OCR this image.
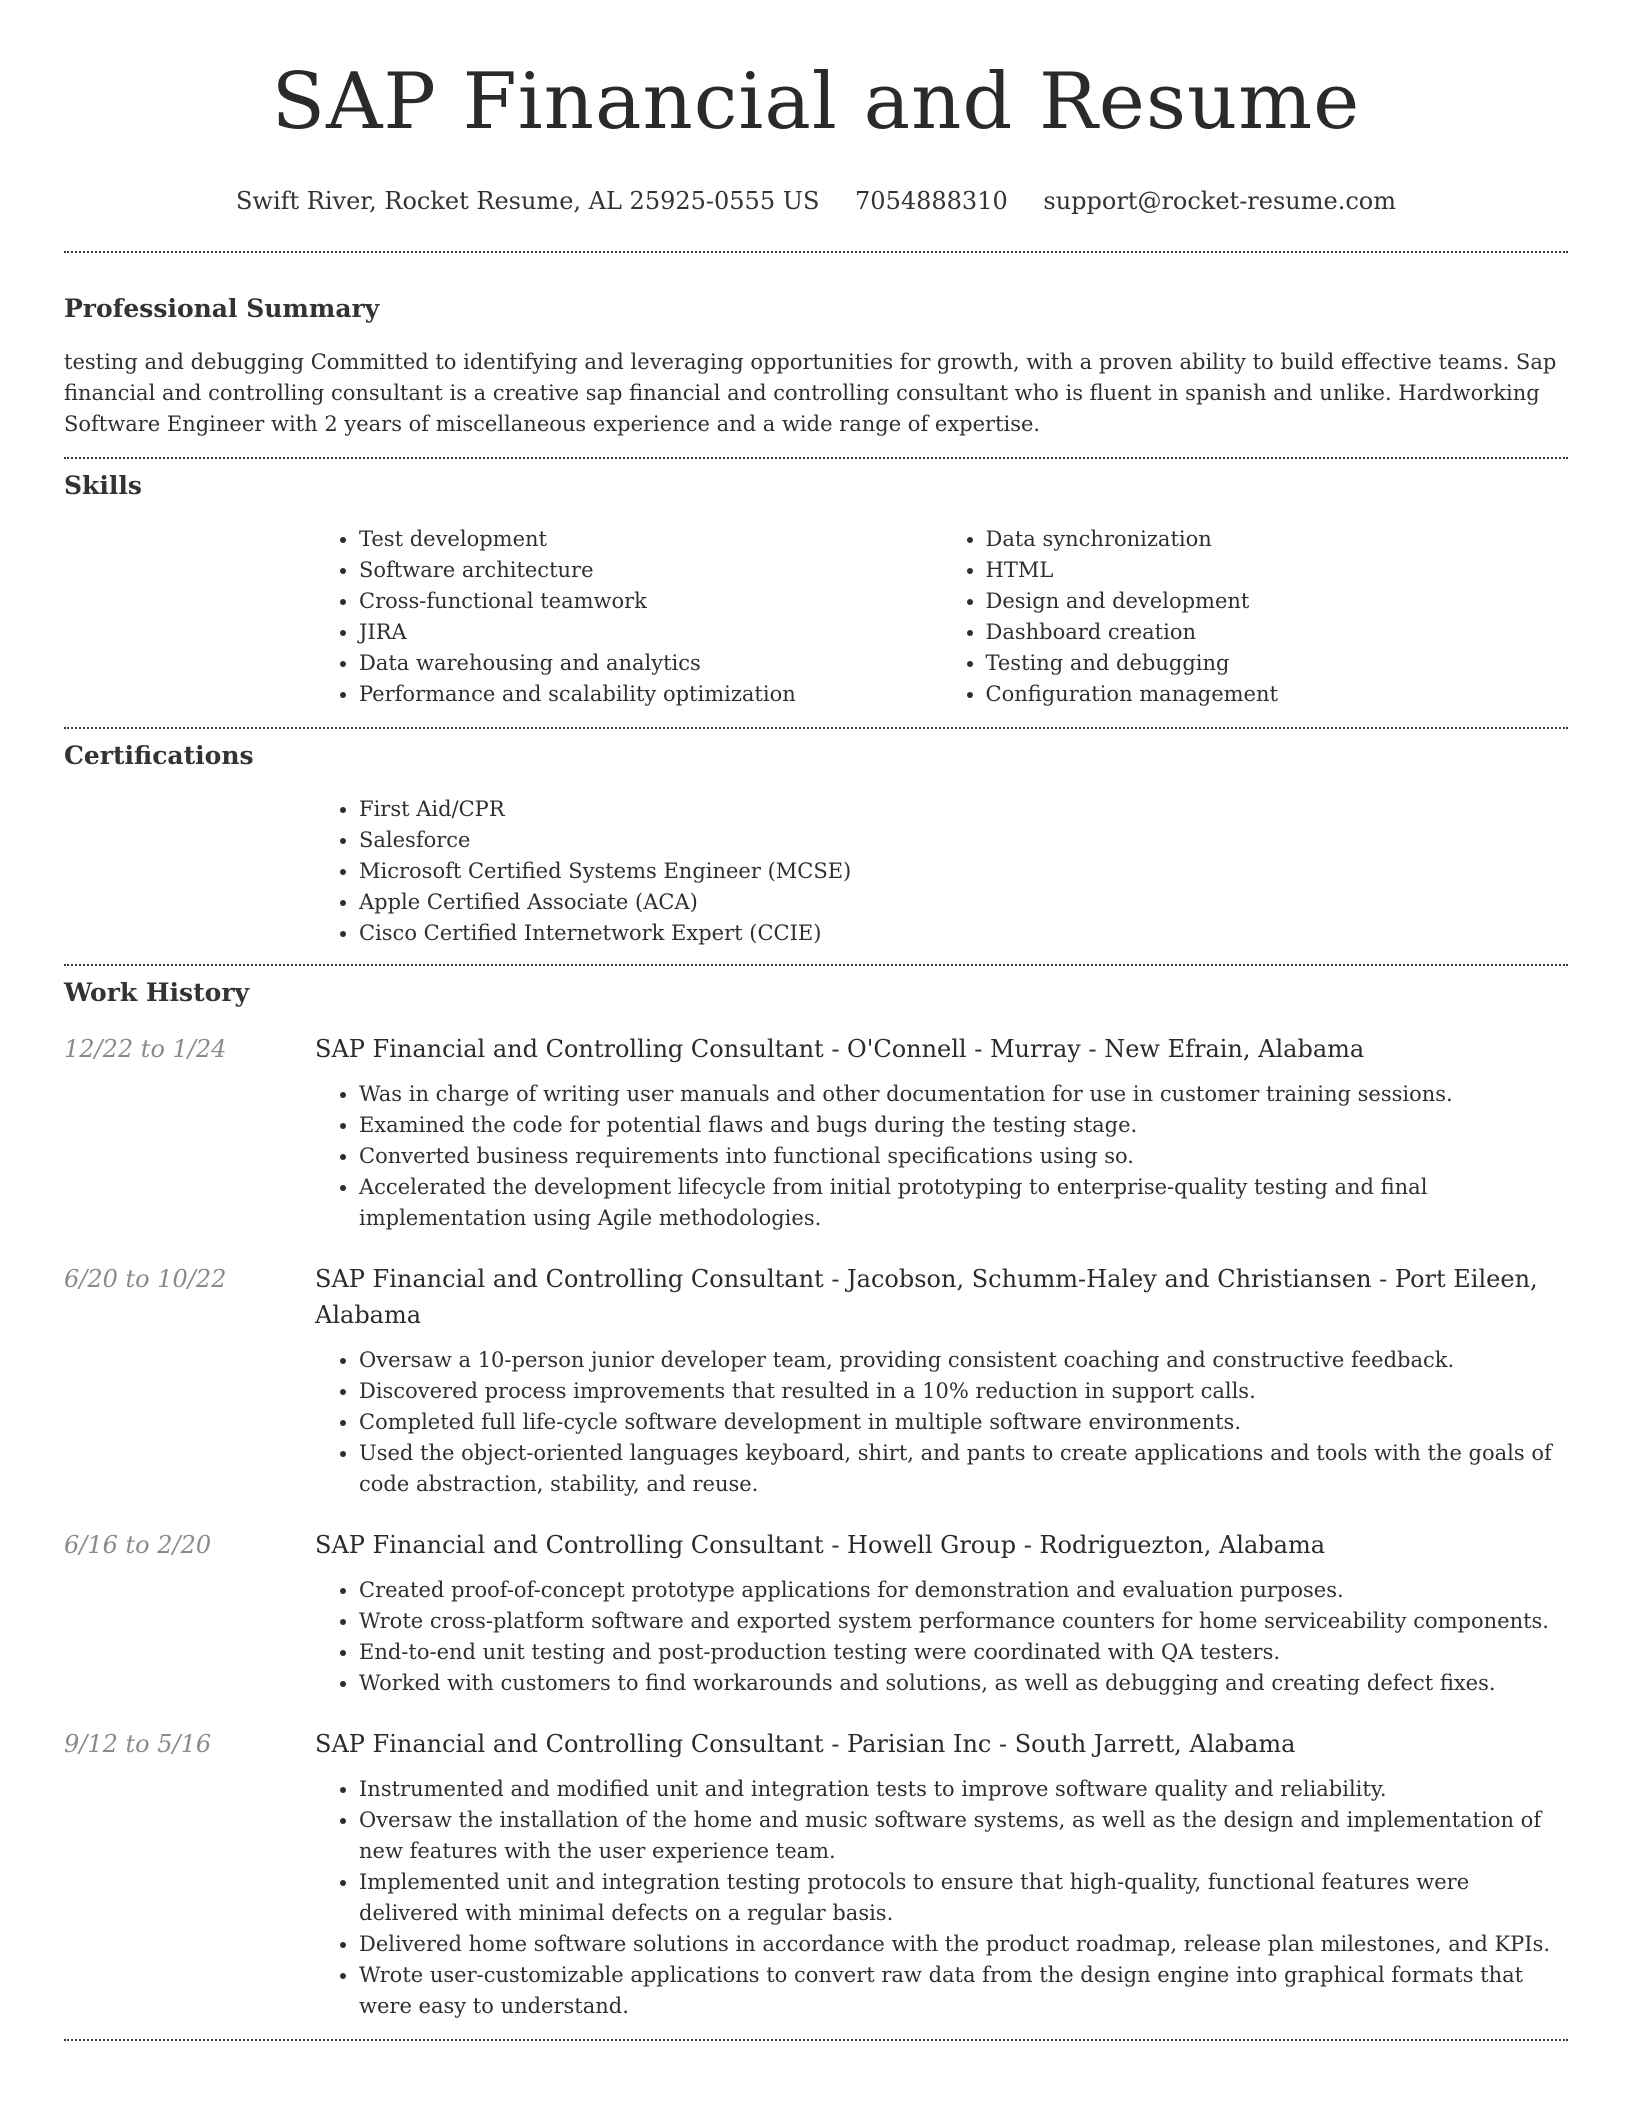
SAP Financial and Resume
Swift River, Rocket Resume, AL 25925-0555 US 7054888310 support@rocket-resume.com
Professional Summary

testing and debugging Committed to identifying and leveraging opportunities for growth, with a proven ability to build effective teams. Sap financial and controlling consultant is a creative sap financial and controlling consultant who is fluent in spanish and unlike. Hardworking Software Engineer with 2 years of miscellaneous experience and a wide range of expertise.

Skills
• Test development
• Software architecture
• Cross-functional teamwork
• JIRA
• Data warehousing and analytics
• Performance and scalability optimization
• Data synchronization
• HTML
• Design and development
• Dashboard creation
• Testing and debugging
• Configuration management
Certifications
• First Aid/CPR
• Salesforce
• Microsoft Certified Systems Engineer (MCSE)
• Apple Certified Associate (ACA)
• Cisco Certified Internetwork Expert (CCIE)
Work History
12/22 to 1/24	SAP Financial and Controlling Consultant - O'Connell - Murray - New Efrain, Alabama

• Was in charge of writing user manuals and other documentation for use in customer training sessions.
• Examined the code for potential flaws and bugs during the testing stage.
• Converted business requirements into functional specifications using so.
• Accelerated the development lifecycle from initial prototyping to enterprise-quality testing and final implementation using Agile methodologies.
6/20 to 10/22	SAP Financial and Controlling Consultant - Jacobson, Schumm-Haley and Christiansen - Port Eileen, Alabama

• Oversaw a 10-person junior developer team, providing consistent coaching and constructive feedback.
• Discovered process improvements that resulted in a 10% reduction in support calls.
• Completed full life-cycle software development in multiple software environments.
• Used the object-oriented languages keyboard, shirt, and pants to create applications and tools with the goals of code abstraction, stability, and reuse.
6/16 to 2/20	SAP Financial and Controlling Consultant - Howell Group - Rodriguezton, Alabama

• Created proof-of-concept prototype applications for demonstration and evaluation purposes.
• Wrote cross-platform software and exported system performance counters for home serviceability components.
• End-to-end unit testing and post-production testing were coordinated with QA testers.
• Worked with customers to find workarounds and solutions, as well as debugging and creating defect fixes.
9/12 to 5/16	SAP Financial and Controlling Consultant - Parisian Inc - South Jarrett, Alabama

• Instrumented and modified unit and integration tests to improve software quality and reliability.
• Oversaw the installation of the home and music software systems, as well as the design and implementation of new features with the user experience team.
• Implemented unit and integration testing protocols to ensure that high-quality, functional features were delivered with minimal defects on a regular basis.
• Delivered home software solutions in accordance with the product roadmap, release plan milestones, and KPIs.
• Wrote user-customizable applications to convert raw data from the design engine into graphical formats that were easy to understand.
